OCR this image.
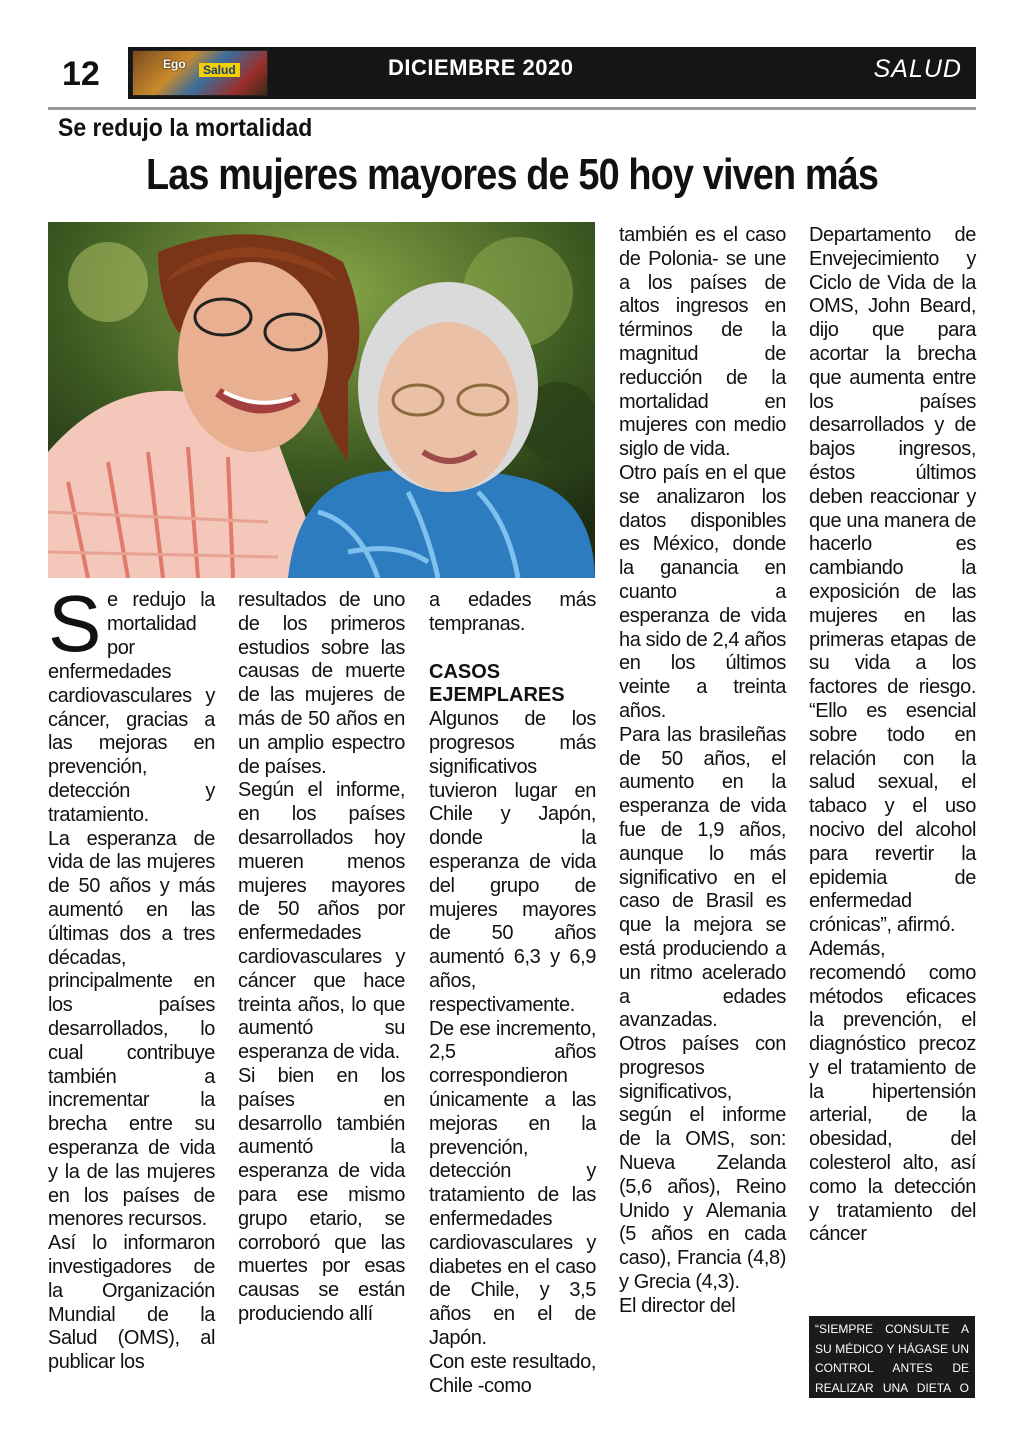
12	Ego	Salud	DICIEMBRE 2020	SALUD
Se redujo la mortalidad
Las mujeres mayores de 50 hoy viven más

Se redujo la mortalidad por enfermedades cardiovasculares y cáncer, gracias a las mejoras en prevención, detección y tratamiento.

La esperanza de vida de las mujeres de 50 años y más aumentó en las últimas dos a tres décadas, principalmente en los países desarrollados, lo cual contribuye también a incrementar la brecha entre su esperanza de vida y la de las mujeres en los países de menores recursos.

Así lo informaron investigadores de la Organización Mundial de la Salud (OMS), al publicar los

resultados de uno de los primeros estudios sobre las causas de muerte de las mujeres de más de 50 años en un amplio espectro de países.

Según el informe, en los países desarrollados hoy mueren menos mujeres mayores de 50 años por enfermedades cardiovasculares y cáncer que hace treinta años, lo que aumentó su esperanza de vida.

Si bien en los países en desarrollo también aumentó la esperanza de vida para ese mismo grupo etario, se corroboró que las muertes por esas causas se están produciendo allí

a edades más tempranas.

CASOS EJEMPLARES

Algunos de los progresos más significativos tuvieron lugar en Chile y Japón, donde la esperanza de vida del grupo de mujeres mayores de 50 años aumentó 6,3 y 6,9 años, respectivamente. De ese incremento, 2,5 años correspondieron únicamente a las mejoras en la prevención, detección y tratamiento de las enfermedades cardiovasculares y diabetes en el caso de Chile, y 3,5 años en el de Japón.

Con este resultado, Chile -como

también es el caso de Polonia- se une a los países de altos ingresos en términos de la magnitud de reducción de la mortalidad en mujeres con medio siglo de vida.

Otro país en el que se analizaron los datos disponibles es México, donde la ganancia en cuanto a esperanza de vida ha sido de 2,4 años en los últimos veinte a treinta años.

Para las brasileñas de 50 años, el aumento en la esperanza de vida fue de 1,9 años, aunque lo más significativo en el caso de Brasil es que la mejora se está produciendo a un ritmo acelerado a edades avanzadas.

Otros países con progresos significativos, según el informe de la OMS, son: Nueva Zelanda (5,6 años), Reino Unido y Alemania (5 años en cada caso), Francia (4,8) y Grecia (4,3).

El director del

Departamento de Envejecimiento y Ciclo de Vida de la OMS, John Beard, dijo que para acortar la brecha que aumenta entre los países desarrollados y de bajos ingresos, éstos últimos deben reaccionar y que una manera de hacerlo es cambiando la exposición de las mujeres en las primeras etapas de su vida a los factores de riesgo. “Ello es esencial sobre todo en relación con la salud sexual, el tabaco y el uso nocivo del alcohol para revertir la epidemia de enfermedad crónicas”, afirmó.

Además, recomendó como métodos eficaces la prevención, el diagnóstico precoz y el tratamiento de la hipertensión arterial, de la obesidad, del colesterol alto, así como la detección y tratamiento del cáncer

“SIEMPRE CONSULTE A SU MÉDICO Y HÁGASE UN CONTROL ANTES DE REALIZAR UNA DIETA O ACTIVIDAD FÍSICA”
